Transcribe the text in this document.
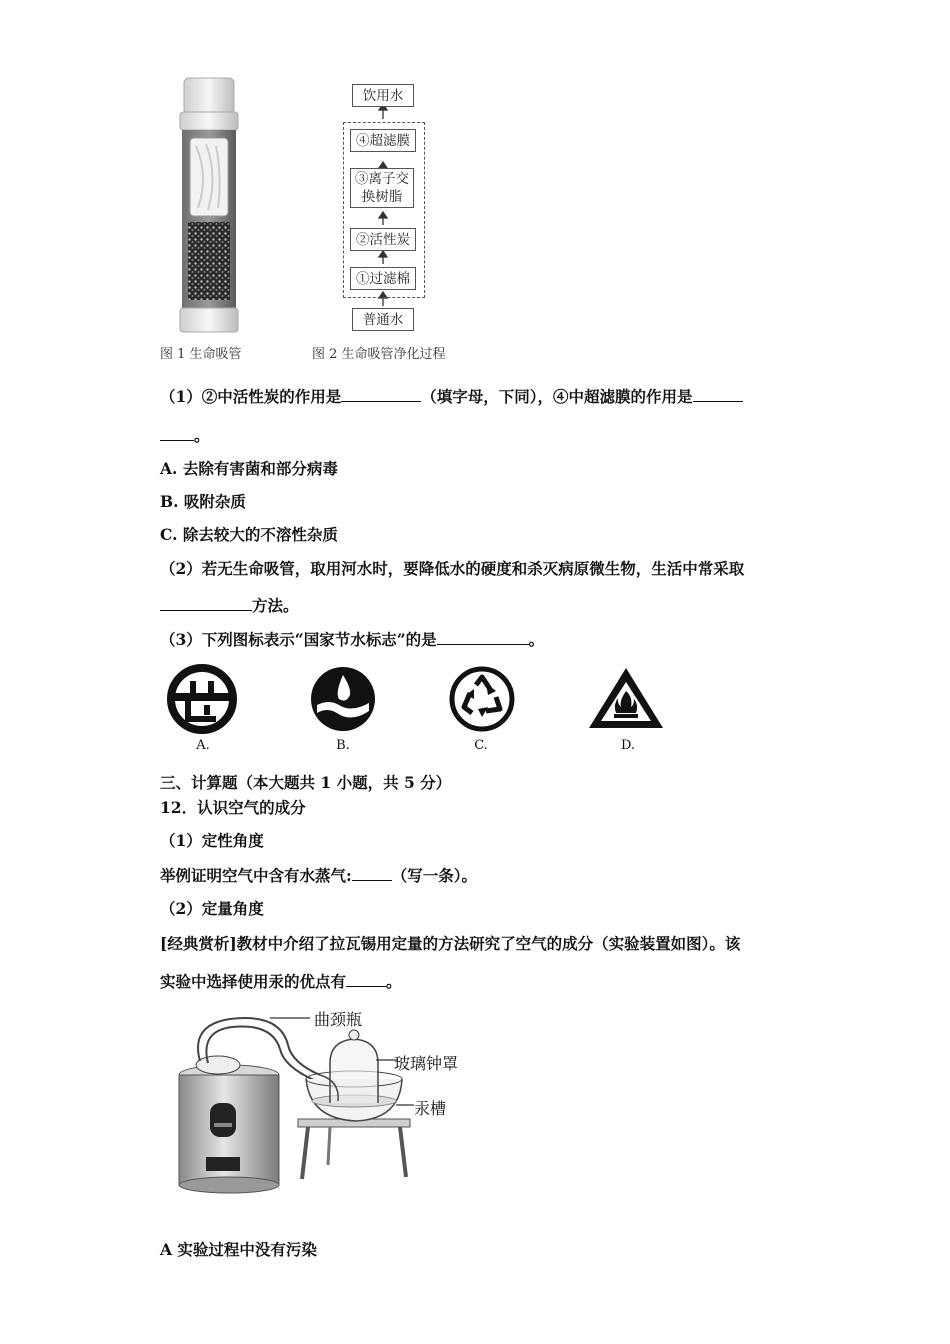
图 1 生命吸管
饮用水
④超滤膜
③离子交换树脂
②活性炭
①过滤棉
普通水
图 2 生命吸管净化过程
（1）②中活性炭的作用是	（填字母，下同），④中超滤膜的作用是
。
A. 去除有害菌和部分病毒
B. 吸附杂质
C. 除去较大的不溶性杂质
（2）若无生命吸管，取用河水时，要降低水的硬度和杀灭病原微生物，生活中常采取
方法。
（3）下列图标表示“国家节水标志”的是	。
A.	B.	C.	D.
三、计算题（本大题共 1 小题，共 5 分）
12．认识空气的成分
（1）定性角度
举例证明空气中含有水蒸气:	（写一条）。
（2）定量角度
[经典赏析]教材中介绍了拉瓦锡用定量的方法研究了空气的成分（实验装置如图）。该
实验中选择使用汞的优点有	。
曲颈瓶
玻璃钟罩
汞槽
A 实验过程中没有污染
